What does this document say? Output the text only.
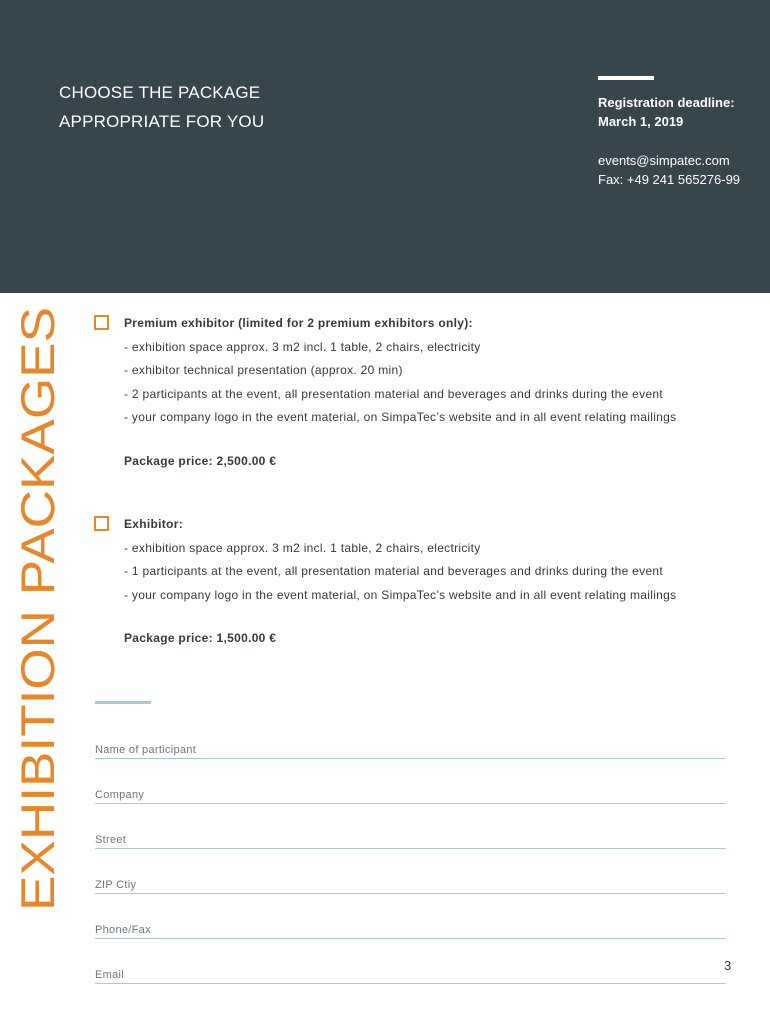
CHOOSE THE PACKAGE
APPROPRIATE FOR YOU
Registration deadline:
March 1, 2019
events@simpatec.com
Fax: +49 241 565276-99
EXHIBITION PACKAGES
Premium exhibitor (limited for 2 premium exhibitors only):
- exhibition space approx. 3 m2 incl. 1 table, 2 chairs, electricity
- exhibitor technical presentation (approx. 20 min)
- 2 participants at the event, all presentation material and beverages and drinks during the event
- your company logo in the event material, on SimpaTec’s website and in all event relating mailings
Package price: 2,500.00 €
Exhibitor:
- exhibition space approx. 3 m2 incl. 1 table, 2 chairs, electricity
- 1 participants at the event, all presentation material and beverages and drinks during the event
- your company logo in the event material, on SimpaTec’s website and in all event relating mailings
Package price: 1,500.00 €
Name of participant
Company
Street
ZIP Ctiy
Phone/Fax
Email
3
